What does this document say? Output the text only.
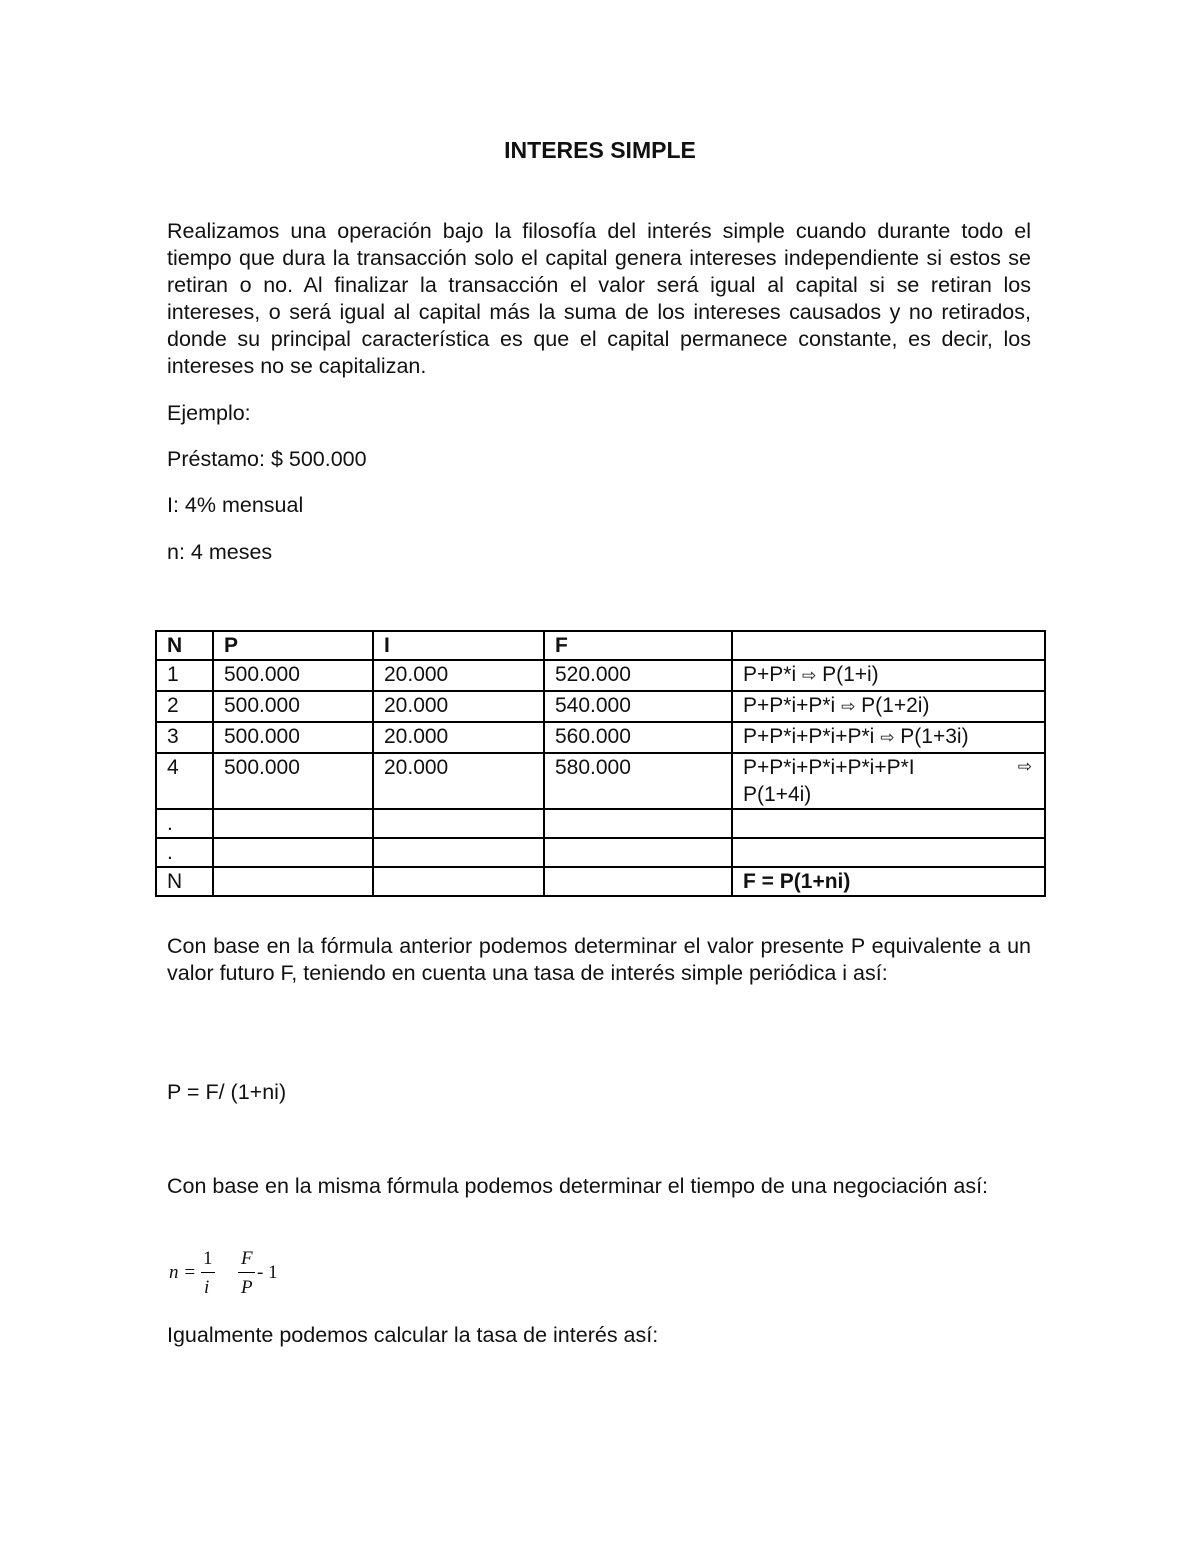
INTERES SIMPLE
Realizamos una operación bajo la filosofía del interés simple cuando durante todo el tiempo que dura la transacción solo el capital genera intereses independiente si estos se retiran o no. Al finalizar la transacción el valor será igual al capital si se retiran los intereses, o será igual al capital más la suma de los intereses causados y no retirados, donde su principal característica es que el capital permanece constante, es decir, los intereses no se capitalizan.
Ejemplo:
Préstamo: $ 500.000
I: 4% mensual
n: 4 meses
N	P	I	F	
1	500.000	20.000	520.000	P+P*i ⇨ P(1+i)
2	500.000	20.000	540.000	P+P*i+P*i ⇨ P(1+2i)
3	500.000	20.000	560.000	P+P*i+P*i+P*i ⇨ P(1+3i)
4	500.000	20.000	580.000	P+P*i+P*i+P*i+P*I ⇨
P(1+4i)

.				
.				
N				F = P(1+ni)
Con base en la fórmula anterior podemos determinar el valor presente P equivalente a un valor futuro F, teniendo en cuenta una tasa de interés simple periódica i así:
P = F/ (1+ni)
Con base en la misma fórmula podemos determinar el tiempo de una negociación así:
n =
1
i
F
P
- 1
Igualmente podemos calcular la tasa de interés así:
